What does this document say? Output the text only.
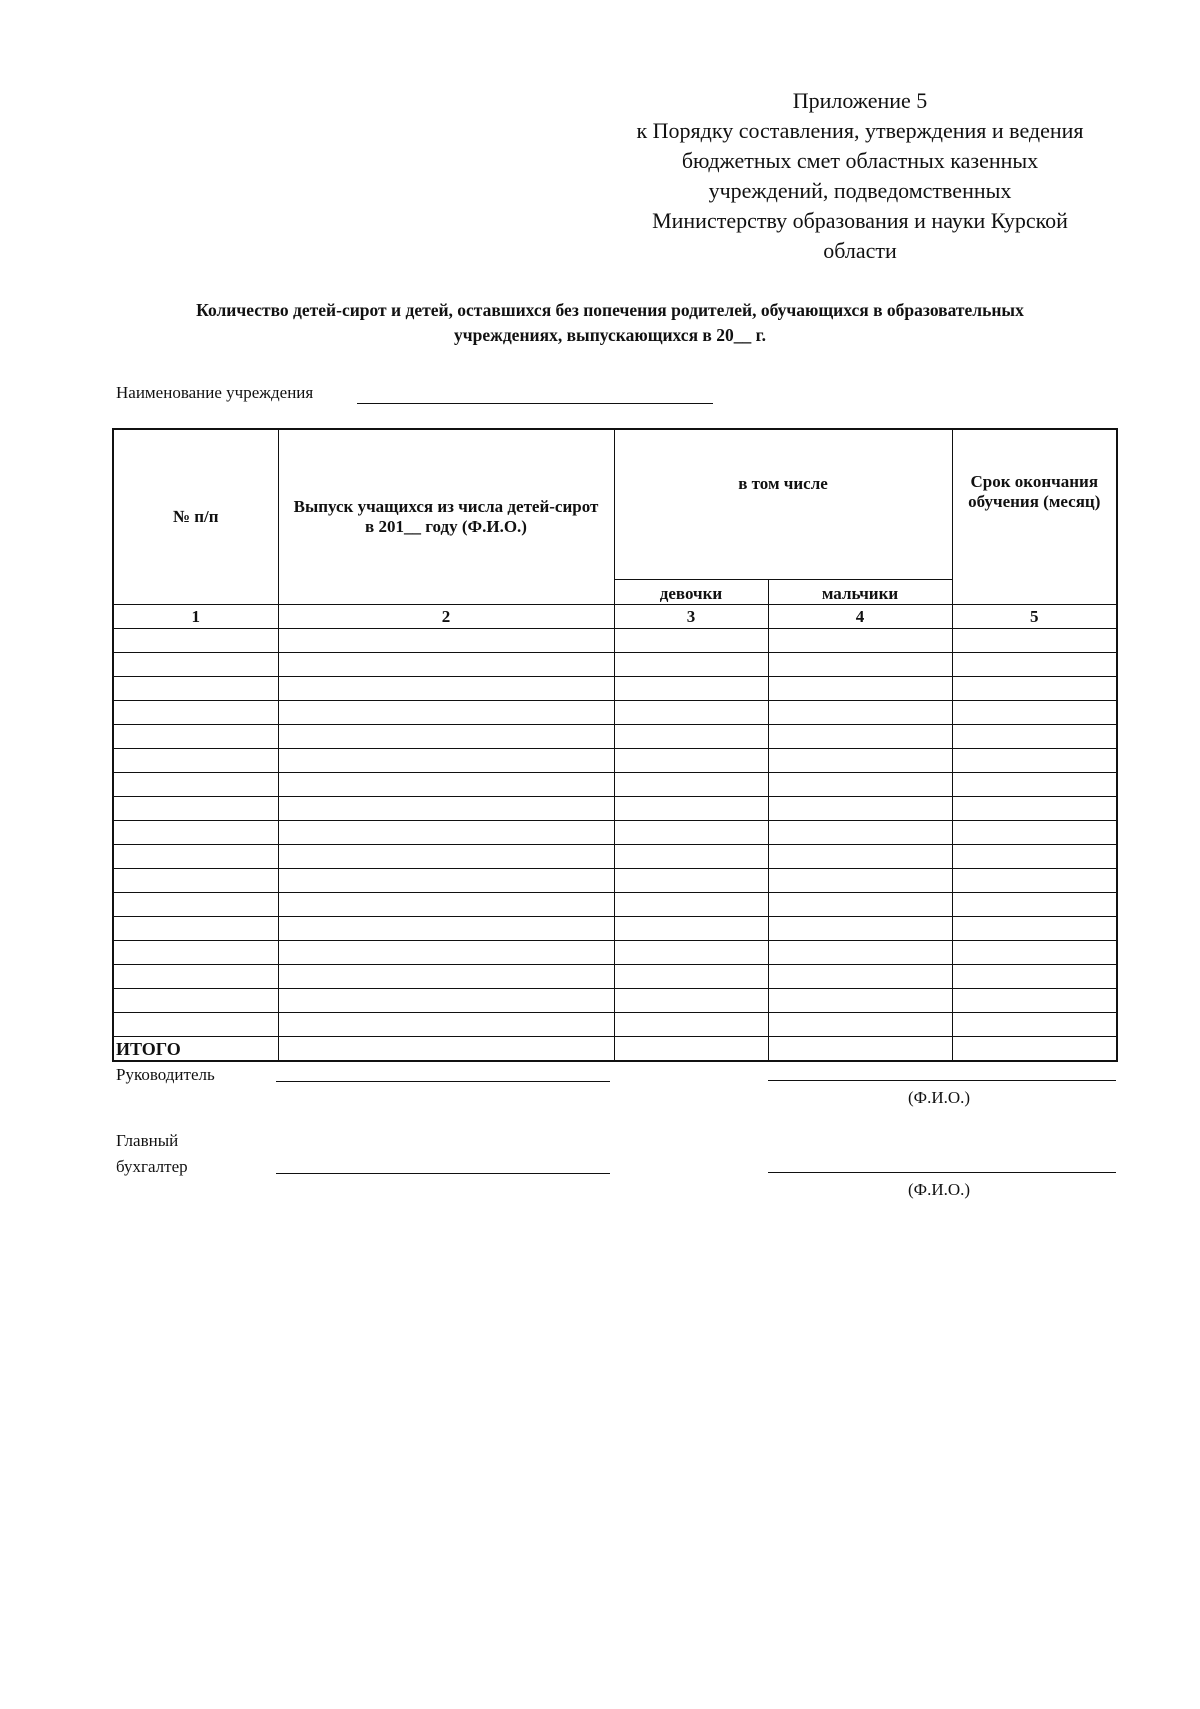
Приложение 5
к Порядку составления, утверждения и ведения
бюджетных смет областных казенных
учреждений, подведомственных
Министерству образования и науки Курской
области
Количество детей-сирот и детей, оставшихся без попечения родителей, обучающихся в образовательных
учреждениях, выпускающихся в 20__ г.
Наименование учреждения
№ п/п	Выпуск учащихся из числа детей-сирот в 201__ году (Ф.И.О.)	в том числе		Срок окончания обучения (месяц)
		девочки	мальчики	
1	2	3	4	5

ИТОГО				
Руководитель
(Ф.И.О.)
Главный
бухгалтер
(Ф.И.О.)
